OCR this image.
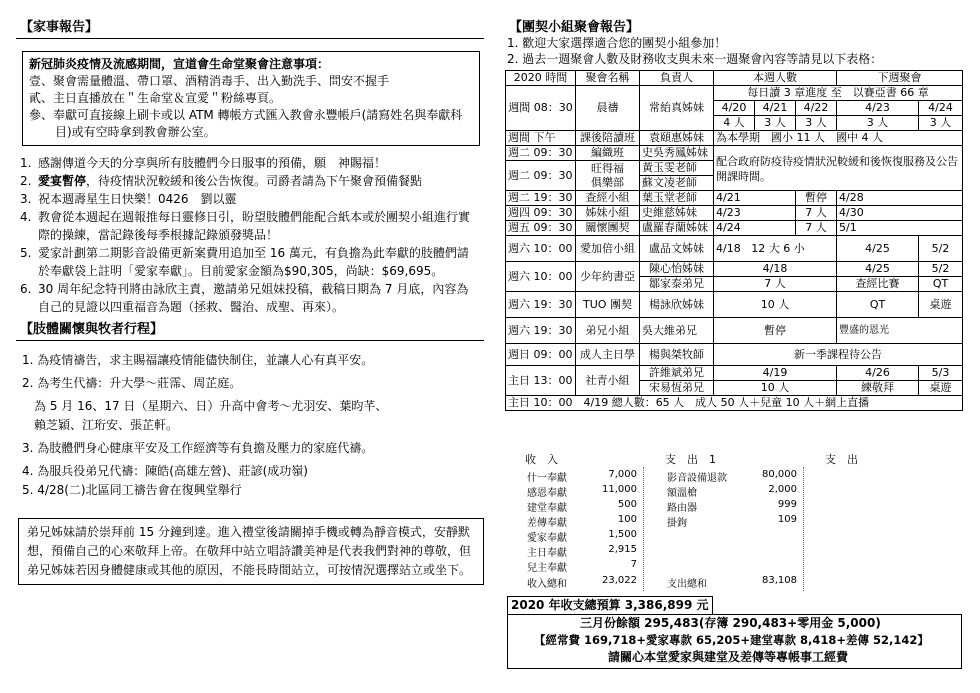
【家事報告】

新冠肺炎疫情及流感期間，宣道會生命堂聚會注意事項：

壹、聚會需量體溫、帶口罩、酒精消毒手、出入勤洗手、問安不握手

貳、主日直播放在＂生命堂＆宣愛＂粉絲專頁。

參、奉獻可直接線上刷卡或以 ATM 轉帳方式匯入教會永豐帳戶(請寫姓名與奉獻科目)或有空時拿到教會辦公室。

1. 感謝傳道今天的分享與所有肢體們今日服事的預備，願　神賜福！
2. 愛宴暫停，待疫情狀況較緩和後公告恢復。司爵者請為下午聚會預備餐點
3. 祝本週壽星生日快樂！0426　劉以靈
4. 教會從本週起在週報推每日靈修日引，盼望肢體們能配合紙本或於團契小組進行實際的操練，當記錄後每季根據記錄頒發獎品！
5. 愛家計劃第二期影音設備更新案費用追加至 16 萬元，有負擔為此奉獻的肢體們請於奉獻袋上註明「愛家奉獻」。目前愛家金額為$90,305，尚缺：$69,695。
6. 30 周年紀念特刊將由詠欣主責，邀請弟兄姐妹投稿，截稿日期為 7 月底，內容為自己的見證以四重福音為題（拯救、醫治、成聖、再來）。
【肢體關懷與牧者行程】
1. 為疫情禱告，求主賜福讓疫情能儘快制住，並讓人心有真平安。
2. 為考生代禱：升大學～莊霈、周芷庭。
　為 5 月 16、17 日（星期六、日）升高中會考～尤羽安、葉昀芊、
　賴芝穎、江珩安、張芷軒。
3. 為肢體們身心健康平安及工作經濟等有負擔及壓力的家庭代禱。
4. 為服兵役弟兄代禱：陳皓(高雄左營)、莊諺(成功嶺)
5. 4/28(二)北區同工禱告會在復興堂舉行

弟兄姊妹請於崇拜前 15 分鐘到達。進入禮堂後請關掉手機或轉為靜音模式，安靜默想，預備自己的心來敬拜上帝。在敬拜中站立唱詩讚美神是代表我們對神的尊敬，但弟兄姊妹若因身體健康或其他的原因，不能長時間站立，可按情況選擇站立或坐下。

【團契小組聚會報告】
1. 歡迎大家選擇適合您的團契小組參加！
2. 過去一週聚會人數及財務收支與未來一週聚會內容等請見以下表格：
2020 時間	聚會名稱	負責人	本週人數			下週聚會	
週間 08：30	晨禱	常紿真姊妹	每日讀 3 章進度 至　以賽亞書 66 章				
			4/20	4/21	4/22	4/23	4/24
			4 人	3 人	3 人	3 人	3 人
週間 下午	課後陪讀班	袁頤惠姊妹	為本學期　國小 11 人　國中 4 人				
週二 09：30	編織班	史吳秀鳳姊妹	配合政府防疫待疫情狀況較緩和後恢復服務及公告開課時間。				
週二 09：30	旺得福
俱樂部	黃玉雯老師					
		蘇文凌老師					
週二 19：30	查經小組	葉玉堂老師	4/21		暫停	4/28	
週四 09：30	姊妹小組	史維慈姊妹	4/23		7 人	4/30	
週五 09：30	關懷團契	盧羅春蘭姊妹	4/24		7 人	5/1	
週六 10：00	愛加倍小組	盧品文姊妹	4/18 12 大 6 小			4/25	5/2
週六 10：00	少年約書亞	陳心怡姊妹	4/18			4/25	5/2
		鄒家泰弟兄	7 人			查經比賽	QT
週六 19：30	TUO 團契	楊詠欣姊妹	10 人			QT	桌遊
週六 19：30	弟兄小組	吳大維弟兄	暫停			豐盛的恩光	
週日 09：00	成人主日學	楊與桀牧師	新一季課程待公告				
主日 13：00	社青小組	許維斌弟兄	4/19			4/26	5/3
		宋易恆弟兄	10 人			練敬拜	桌遊
主日 10：00　4/19 總人數：65 人　成人 50 人＋兒童 10 人＋網上直播							
收　入	支　出　1	支　出
什一奉獻	7,000
感恩奉獻	11,000
建堂奉獻	500
差傳奉獻	100
愛家奉獻	1,500
主日奉獻	2,915
兒主奉獻	7
收入總和	23,022
影音設備退款	80,000
額溫槍	2,000
路由器	999
掛鉤	109
支出總和	83,108
2020 年收支總預算 3,386,899 元
三月份餘額 295,483(存簿 290,483+零用金 5,000)
【經常費 169,718+愛家專款 65,205+建堂專款 8,418+差傳 52,142】
請關心本堂愛家與建堂及差傳等專帳事工經費
